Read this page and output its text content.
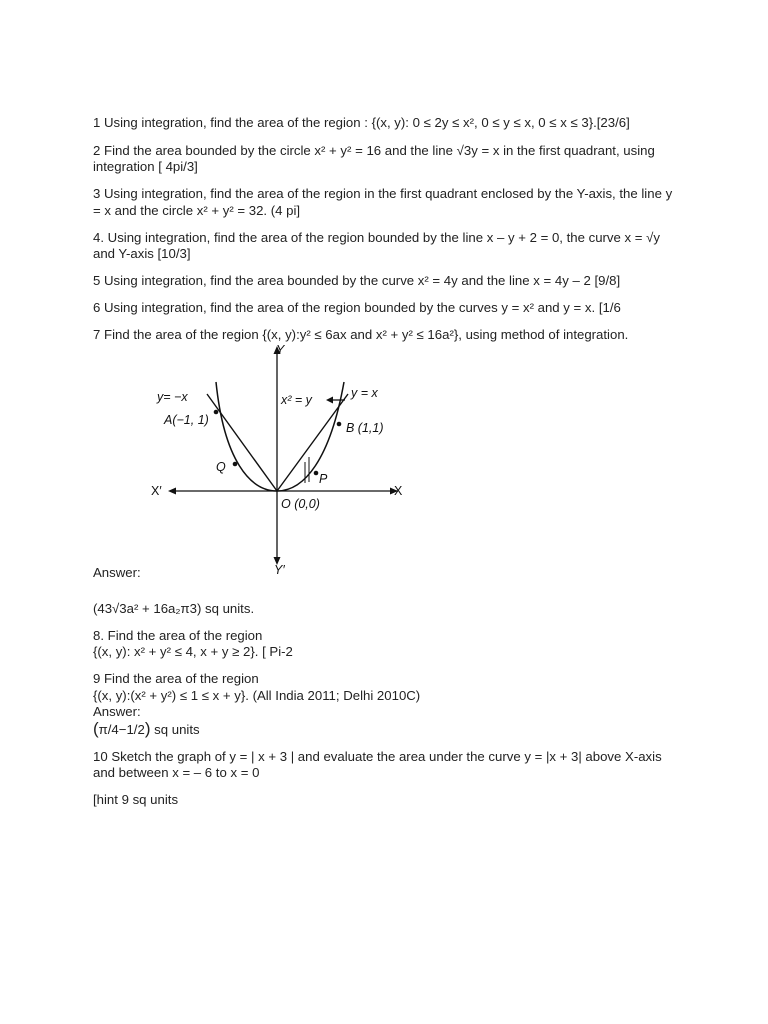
1 Using integration, find the area of the region : {(x, y): 0 ≤ 2y ≤ x², 0 ≤ y ≤ x, 0 ≤ x ≤ 3}.[23/6]
2 Find the area bounded by the circle x² + y² = 16 and the line √3y = x in the first quadrant, using integration [ 4pi/3]
3 Using integration, find the area of the region in the first quadrant enclosed by the Y-axis, the line y = x and the circle x² + y² = 32. (4 pi]
4. Using integration, find the area of the region bounded by the line x – y + 2 = 0, the curve x = √y and Y-axis [10/3]
5 Using integration, find the area bounded by the curve x² = 4y and the line x = 4y – 2 [9/8]
6 Using integration, find the area of the region bounded by the curves y = x² and y = x. [1/6
7 Find the area of the region {(x, y):y² ≤ 6ax and x² + y² ≤ 16a²}, using method of integration.
Y
Y′
X
X′
y= −x	y = x
x² = y
A(−1, 1)
B (1,1)
Q
P
O (0,0)
Answer:
(43√3a² + 16a₂π3) sq units.
8. Find the area of the region
{(x, y): x² + y² ≤ 4, x + y ≥ 2}. [ Pi-2
9 Find the area of the region
{(x, y):(x² + y²) ≤ 1 ≤ x + y}. (All India 2011; Delhi 2010C)
Answer:
(π/4−1/2) sq units
10 Sketch the graph of y = | x + 3 | and evaluate the area under the curve y = |x + 3| above X-axis and between x = – 6 to x = 0
[hint 9 sq units
